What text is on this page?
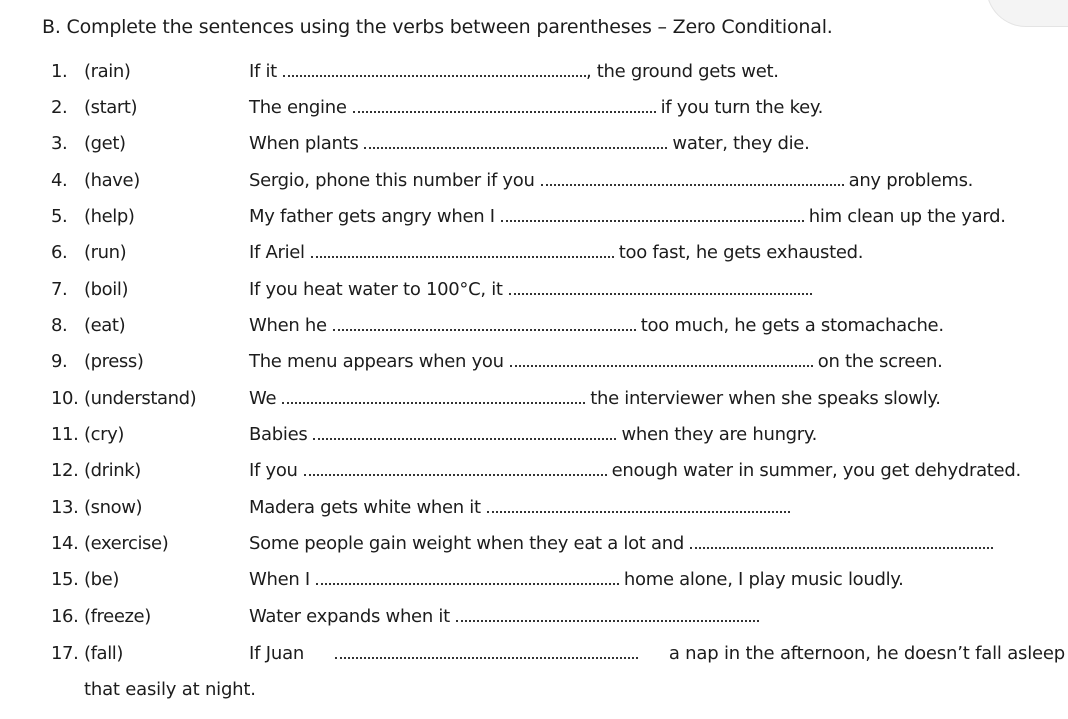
B. Complete the sentences using the verbs between parentheses – Zero Conditional.
1. (rain)	If it	, the ground gets wet.
2. (start)	The engine	if you turn the key.
3. (get)	When plants	water, they die.
4. (have)	Sergio, phone this number if you	any problems.
5. (help)	My father gets angry when I	him clean up the yard.
6. (run)	If Ariel	too fast, he gets exhausted.
7. (boil)	If you heat water to 100°C, it
8. (eat)	When he	too much, he gets a stomachache.
9. (press)	The menu appears when you	on the screen.
10. (understand)	We	the interviewer when she speaks slowly.
11. (cry)	Babies	when they are hungry.
12. (drink)	If you	enough water in summer, you get dehydrated.
13. (snow)	Madera gets white when it
14. (exercise)	Some people gain weight when they eat a lot and
15. (be)	When I	home alone, I play music loudly.
16. (freeze)	Water expands when it
17. (fall)	If Juan	a nap in the afternoon, he doesn’t fall asleep
that easily at night.
